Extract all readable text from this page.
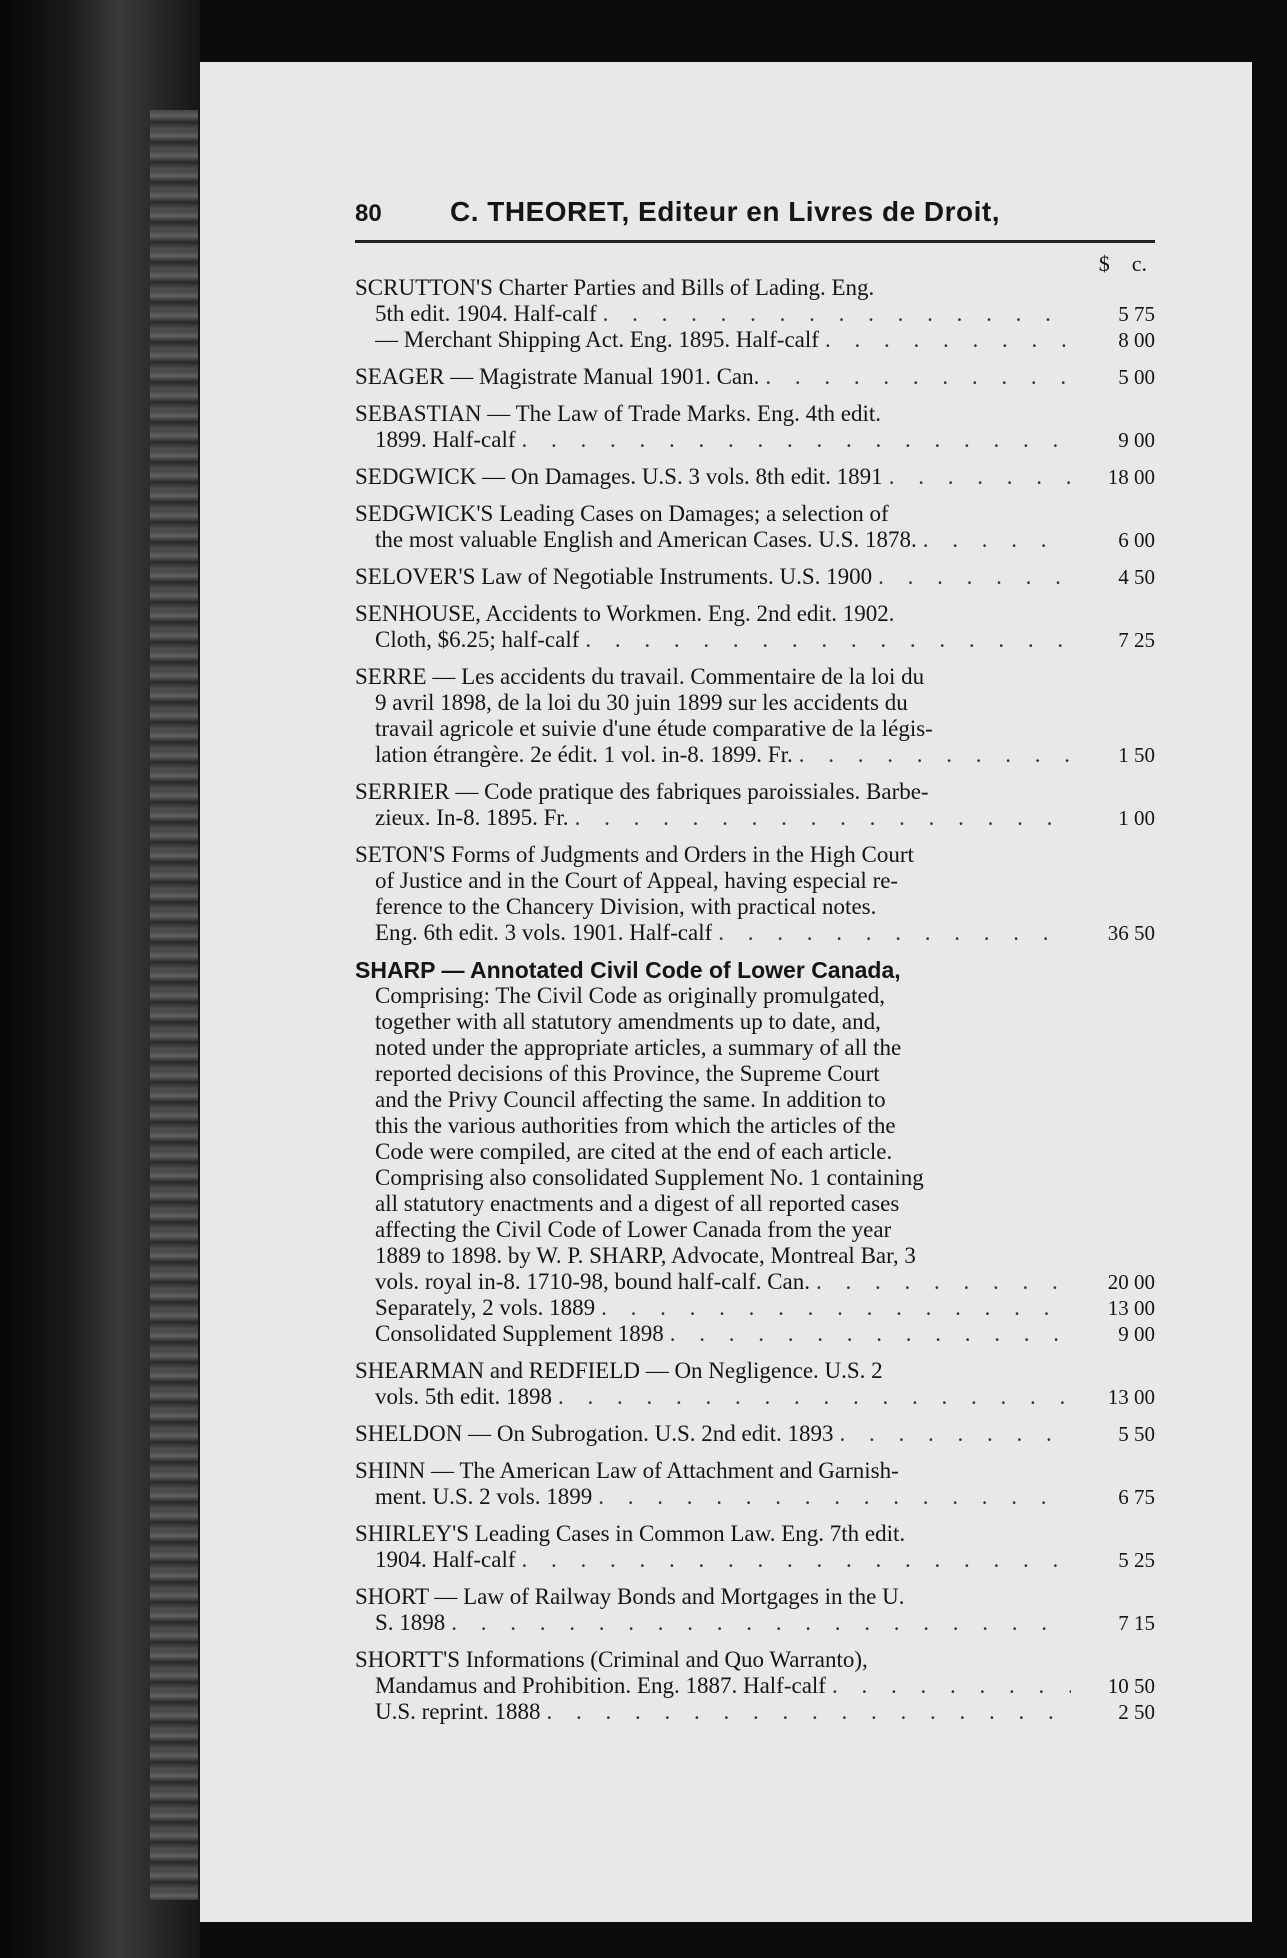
80	C. THEORET, Editeur en Livres de Droit,
$ c.
SCRUTTON'S Charter Parties and Bills of Lading. Eng.
5th edit. 1904. Half-calf . . .	5 75
— Merchant Shipping Act. Eng. 1895. Half-calf . . .	8 00
SEAGER — Magistrate Manual 1901. Can. . . .	5 00
SEBASTIAN — The Law of Trade Marks. Eng. 4th edit.
1899. Half-calf . . .	9 00
SEDGWICK — On Damages. U.S. 3 vols. 8th edit. 1891 . . .	18 00
SEDGWICK'S Leading Cases on Damages; a selection of
the most valuable English and American Cases. U.S. 1878. . . .	6 00
SELOVER'S Law of Negotiable Instruments. U.S. 1900 . . .	4 50
SENHOUSE, Accidents to Workmen. Eng. 2nd edit. 1902.
Cloth, $6.25; half-calf . . .	7 25
SERRE — Les accidents du travail. Commentaire de la loi du
9 avril 1898, de la loi du 30 juin 1899 sur les accidents du
travail agricole et suivie d'une étude comparative de la légis-
lation étrangère. 2e édit. 1 vol. in-8. 1899. Fr. . . .	1 50
SERRIER — Code pratique des fabriques paroissiales. Barbe-
zieux. In-8. 1895. Fr. . . .	1 00
SETON'S Forms of Judgments and Orders in the High Court
of Justice and in the Court of Appeal, having especial re-
ference to the Chancery Division, with practical notes.
Eng. 6th edit. 3 vols. 1901. Half-calf . . .	36 50
SHARP — Annotated Civil Code of Lower Canada,
Comprising: The Civil Code as originally promulgated,
together with all statutory amendments up to date, and,
noted under the appropriate articles, a summary of all the
reported decisions of this Province, the Supreme Court
and the Privy Council affecting the same. In addition to
this the various authorities from which the articles of the
Code were compiled, are cited at the end of each article.
Comprising also consolidated Supplement No. 1 containing
all statutory enactments and a digest of all reported cases
affecting the Civil Code of Lower Canada from the year
1889 to 1898. by W. P. SHARP, Advocate, Montreal Bar, 3
vols. royal in-8. 1710-98, bound half-calf. Can. . . .	20 00
Separately, 2 vols. 1889 . . .	13 00
Consolidated Supplement 1898 . . .	9 00
SHEARMAN and REDFIELD — On Negligence. U.S. 2
vols. 5th edit. 1898 . . .	13 00
SHELDON — On Subrogation. U.S. 2nd edit. 1893 . . .	5 50
SHINN — The American Law of Attachment and Garnish-
ment. U.S. 2 vols. 1899 . . .	6 75
SHIRLEY'S Leading Cases in Common Law. Eng. 7th edit.
1904. Half-calf . . .	5 25
SHORT — Law of Railway Bonds and Mortgages in the U.
S. 1898 . . .	7 15
SHORTT'S Informations (Criminal and Quo Warranto),
Mandamus and Prohibition. Eng. 1887. Half-calf . . .	10 50
U.S. reprint. 1888 . . .	2 50
